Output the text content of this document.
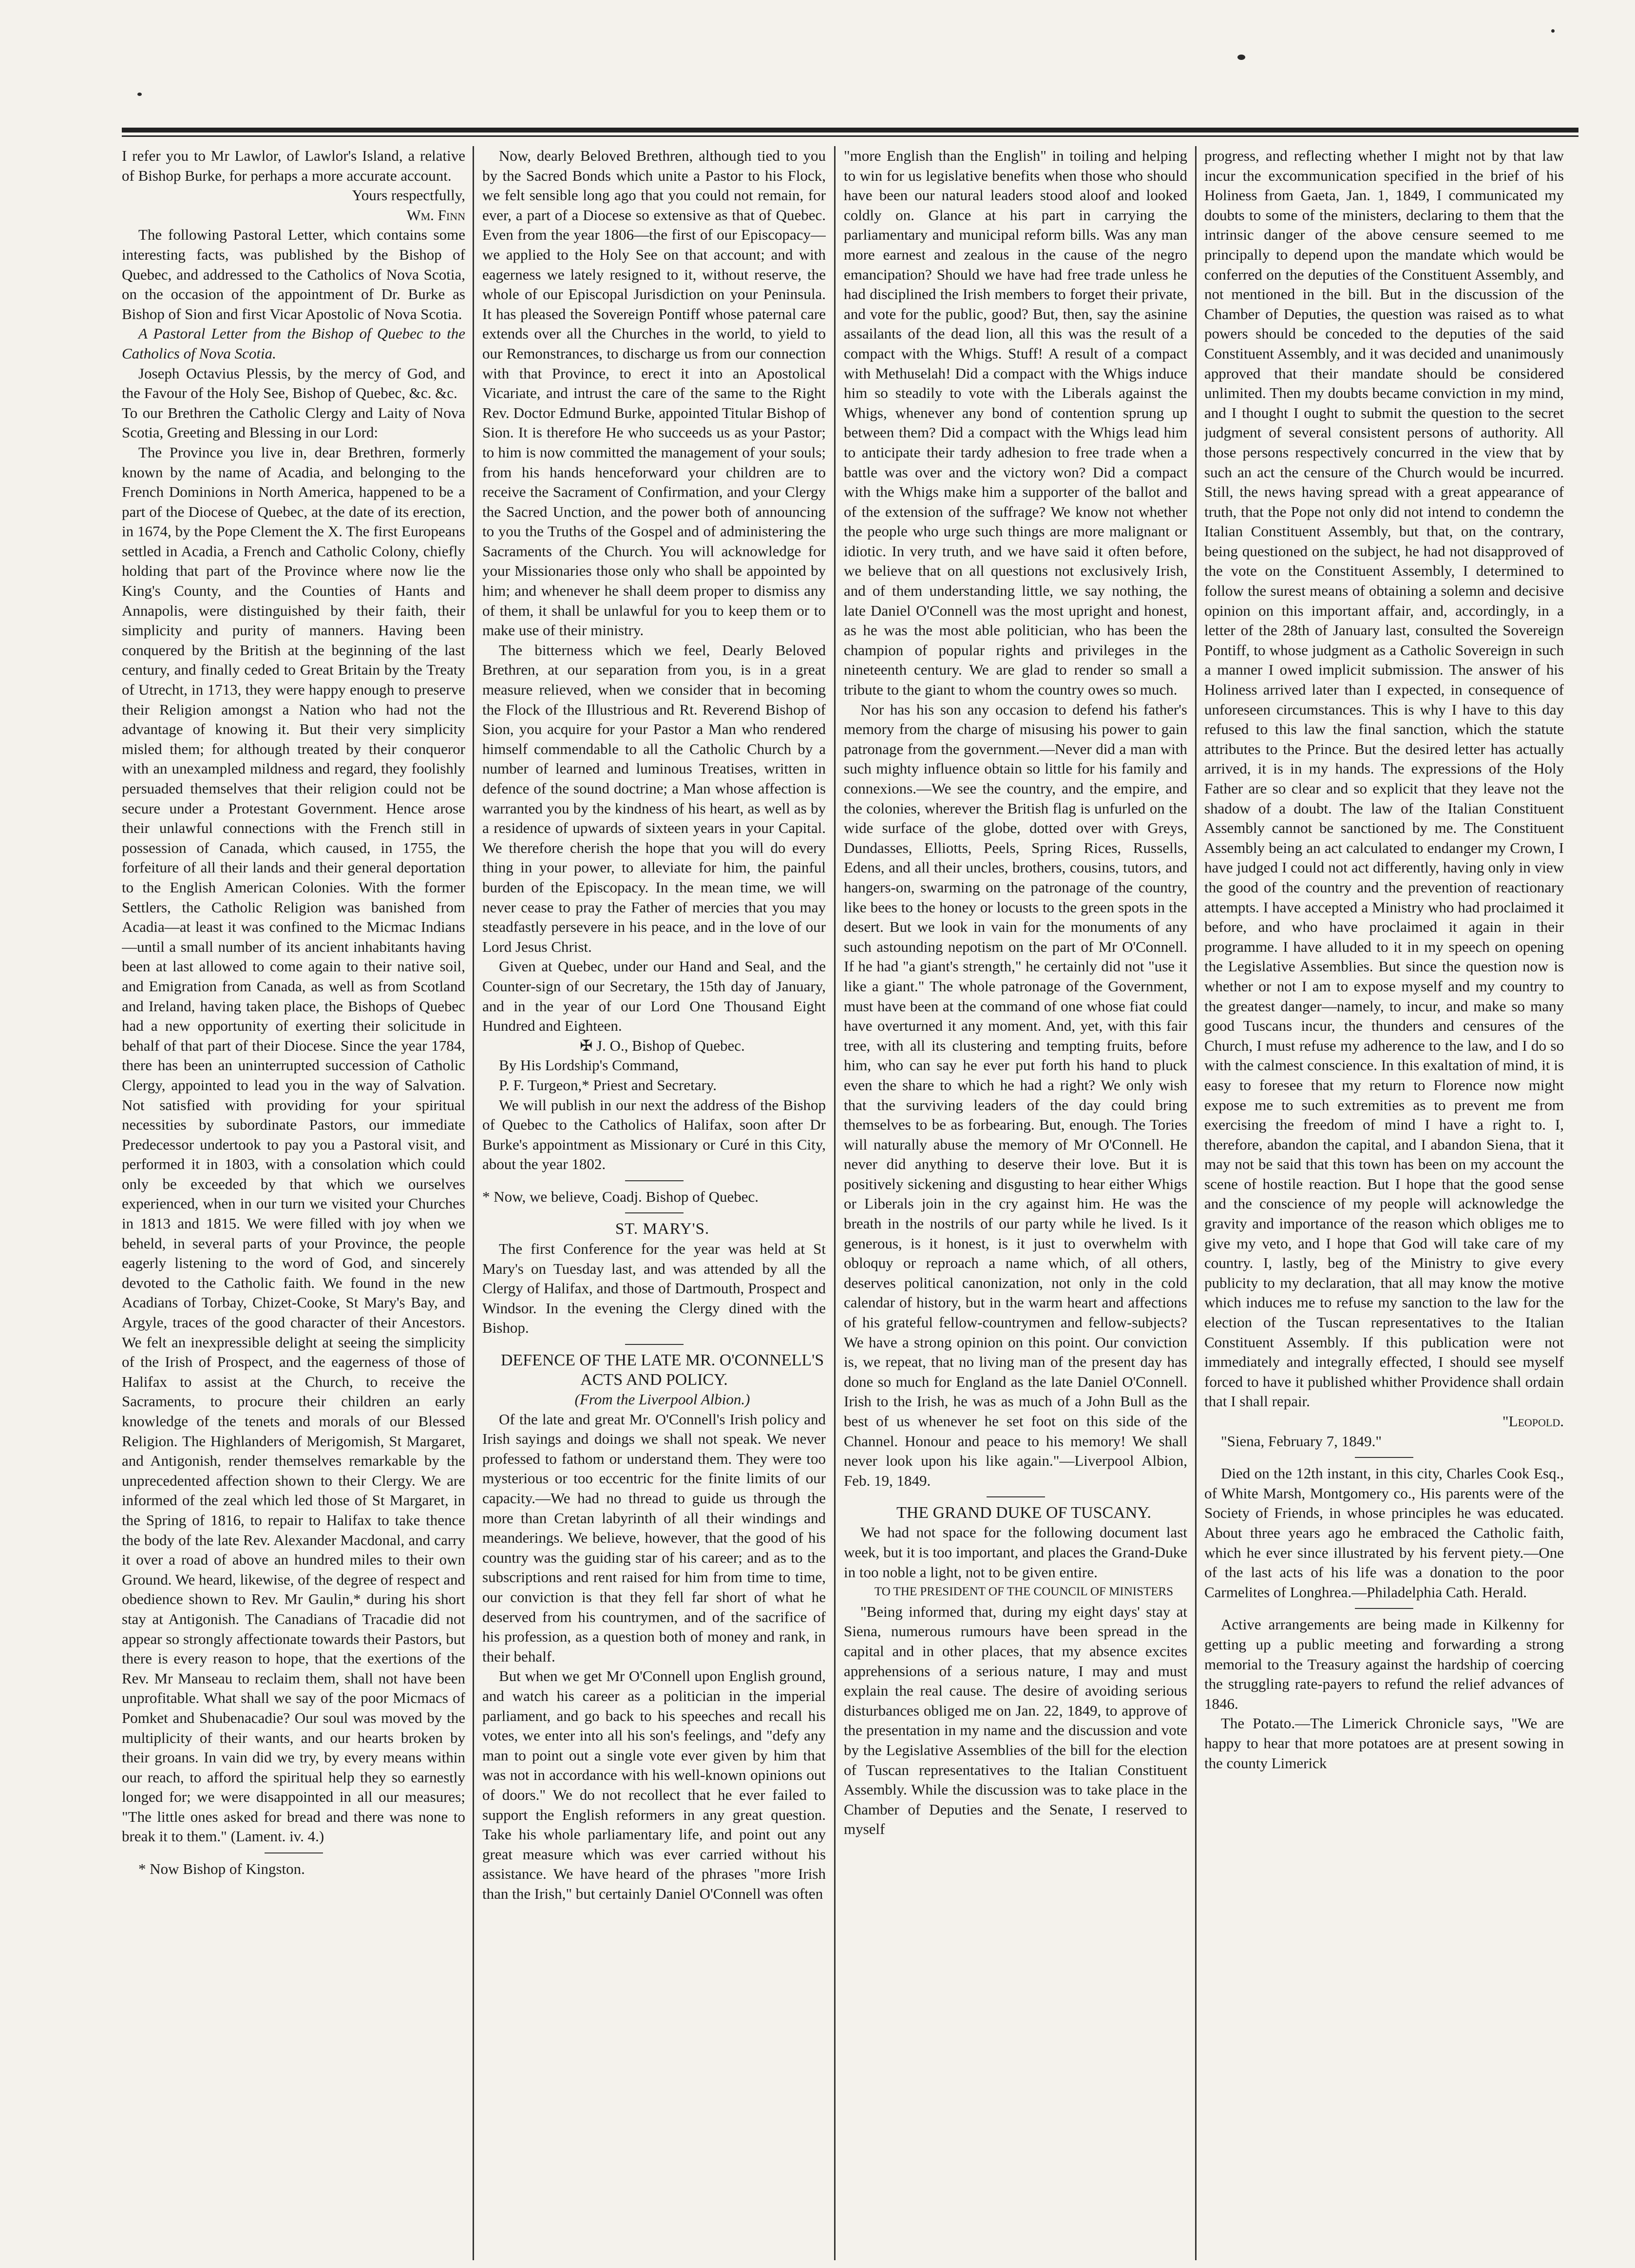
I refer you to Mr Lawlor, of Lawlor's Island, a relative of Bishop Burke, for perhaps a more accurate account.

Yours respectfully,

Wm. Finn

The following Pastoral Letter, which contains some interesting facts, was published by the Bishop of Quebec, and addressed to the Catholics of Nova Scotia, on the occasion of the appointment of Dr. Burke as Bishop of Sion and first Vicar Apostolic of Nova Scotia.

A Pastoral Letter from the Bishop of Quebec to the Catholics of Nova Scotia.

Joseph Octavius Plessis, by the mercy of God, and the Favour of the Holy See, Bishop of Quebec, &c. &c.

To our Brethren the Catholic Clergy and Laity of Nova Scotia, Greeting and Blessing in our Lord:

The Province you live in, dear Brethren, formerly known by the name of Acadia, and belonging to the French Dominions in North America, happened to be a part of the Diocese of Quebec, at the date of its erection, in 1674, by the Pope Clement the X. The first Europeans settled in Acadia, a French and Catholic Colony, chiefly holding that part of the Province where now lie the King's County, and the Counties of Hants and Annapolis, were distinguished by their faith, their simplicity and purity of manners. Having been conquered by the British at the beginning of the last century, and finally ceded to Great Britain by the Treaty of Utrecht, in 1713, they were happy enough to preserve their Religion amongst a Nation who had not the advantage of knowing it. But their very simplicity misled them; for although treated by their conqueror with an unexampled mildness and regard, they foolishly persuaded themselves that their religion could not be secure under a Protestant Government. Hence arose their unlawful connections with the French still in possession of Canada, which caused, in 1755, the forfeiture of all their lands and their general deportation to the English American Colonies. With the former Settlers, the Catholic Religion was banished from Acadia—at least it was confined to the Micmac Indians—until a small number of its ancient inhabitants having been at last allowed to come again to their native soil, and Emigration from Canada, as well as from Scotland and Ireland, having taken place, the Bishops of Quebec had a new opportunity of exerting their solicitude in behalf of that part of their Diocese. Since the year 1784, there has been an uninterrupted succession of Catholic Clergy, appointed to lead you in the way of Salvation. Not satisfied with providing for your spiritual necessities by subordinate Pastors, our immediate Predecessor undertook to pay you a Pastoral visit, and performed it in 1803, with a consolation which could only be exceeded by that which we ourselves experienced, when in our turn we visited your Churches in 1813 and 1815. We were filled with joy when we beheld, in several parts of your Province, the people eagerly listening to the word of God, and sincerely devoted to the Catholic faith. We found in the new Acadians of Torbay, Chizet-Cooke, St Mary's Bay, and Argyle, traces of the good character of their Ancestors. We felt an inexpressible delight at seeing the simplicity of the Irish of Prospect, and the eagerness of those of Halifax to assist at the Church, to receive the Sacraments, to procure their children an early knowledge of the tenets and morals of our Blessed Religion. The Highlanders of Merigomish, St Margaret, and Antigonish, render themselves remarkable by the unprecedented affection shown to their Clergy. We are informed of the zeal which led those of St Margaret, in the Spring of 1816, to repair to Halifax to take thence the body of the late Rev. Alexander Macdonal, and carry it over a road of above an hundred miles to their own Ground. We heard, likewise, of the degree of respect and obedience shown to Rev. Mr Gaulin,* during his short stay at Antigonish. The Canadians of Tracadie did not appear so strongly affectionate towards their Pastors, but there is every reason to hope, that the exertions of the Rev. Mr Manseau to reclaim them, shall not have been unprofitable. What shall we say of the poor Micmacs of Pomket and Shubenacadie? Our soul was moved by the multiplicity of their wants, and our hearts broken by their groans. In vain did we try, by every means within our reach, to afford the spiritual help they so earnestly longed for; we were disappointed in all our measures; "The little ones asked for bread and there was none to break it to them." (Lament. iv. 4.)

* Now Bishop of Kingston.

Now, dearly Beloved Brethren, although tied to you by the Sacred Bonds which unite a Pastor to his Flock, we felt sensible long ago that you could not remain, for ever, a part of a Diocese so extensive as that of Quebec. Even from the year 1806—the first of our Episcopacy—we applied to the Holy See on that account; and with eagerness we lately resigned to it, without reserve, the whole of our Episcopal Jurisdiction on your Peninsula. It has pleased the Sovereign Pontiff whose paternal care extends over all the Churches in the world, to yield to our Remonstrances, to discharge us from our connection with that Province, to erect it into an Apostolical Vicariate, and intrust the care of the same to the Right Rev. Doctor Edmund Burke, appointed Titular Bishop of Sion. It is therefore He who succeeds us as your Pastor; to him is now committed the management of your souls; from his hands henceforward your children are to receive the Sacrament of Confirmation, and your Clergy the Sacred Unction, and the power both of announcing to you the Truths of the Gospel and of administering the Sacraments of the Church. You will acknowledge for your Missionaries those only who shall be appointed by him; and whenever he shall deem proper to dismiss any of them, it shall be unlawful for you to keep them or to make use of their ministry.

The bitterness which we feel, Dearly Beloved Brethren, at our separation from you, is in a great measure relieved, when we consider that in becoming the Flock of the Illustrious and Rt. Reverend Bishop of Sion, you acquire for your Pastor a Man who rendered himself commendable to all the Catholic Church by a number of learned and luminous Treatises, written in defence of the sound doctrine; a Man whose affection is warranted you by the kindness of his heart, as well as by a residence of upwards of sixteen years in your Capital. We therefore cherish the hope that you will do every thing in your power, to alleviate for him, the painful burden of the Episcopacy. In the mean time, we will never cease to pray the Father of mercies that you may steadfastly persevere in his peace, and in the love of our Lord Jesus Christ.

Given at Quebec, under our Hand and Seal, and the Counter-sign of our Secretary, the 15th day of January, and in the year of our Lord One Thousand Eight Hundred and Eighteen.

✠ J. O., Bishop of Quebec.

By His Lordship's Command,

P. F. Turgeon,* Priest and Secretary.

We will publish in our next the address of the Bishop of Quebec to the Catholics of Halifax, soon after Dr Burke's appointment as Missionary or Curé in this City, about the year 1802.

* Now, we believe, Coadj. Bishop of Quebec.

ST. MARY'S.

The first Conference for the year was held at St Mary's on Tuesday last, and was attended by all the Clergy of Halifax, and those of Dartmouth, Prospect and Windsor. In the evening the Clergy dined with the Bishop.

DEFENCE OF THE LATE MR. O'CONNELL'S ACTS AND POLICY.

(From the Liverpool Albion.)

Of the late and great Mr. O'Connell's Irish policy and Irish sayings and doings we shall not speak. We never professed to fathom or understand them. They were too mysterious or too eccentric for the finite limits of our capacity.—We had no thread to guide us through the more than Cretan labyrinth of all their windings and meanderings. We believe, however, that the good of his country was the guiding star of his career; and as to the subscriptions and rent raised for him from time to time, our conviction is that they fell far short of what he deserved from his countrymen, and of the sacrifice of his profession, as a question both of money and rank, in their behalf.

But when we get Mr O'Connell upon English ground, and watch his career as a politician in the imperial parliament, and go back to his speeches and recall his votes, we enter into all his son's feelings, and "defy any man to point out a single vote ever given by him that was not in accordance with his well-known opinions out of doors." We do not recollect that he ever failed to support the English reformers in any great question. Take his whole parliamentary life, and point out any great measure which was ever carried without his assistance. We have heard of the phrases "more Irish than the Irish," but certainly Daniel O'Connell was often

"more English than the English" in toiling and helping to win for us legislative benefits when those who should have been our natural leaders stood aloof and looked coldly on. Glance at his part in carrying the parliamentary and municipal reform bills. Was any man more earnest and zealous in the cause of the negro emancipation? Should we have had free trade unless he had disciplined the Irish members to forget their private, and vote for the public, good? But, then, say the asinine assailants of the dead lion, all this was the result of a compact with the Whigs. Stuff! A result of a compact with Methuselah! Did a compact with the Whigs induce him so steadily to vote with the Liberals against the Whigs, whenever any bond of contention sprung up between them? Did a compact with the Whigs lead him to anticipate their tardy adhesion to free trade when a battle was over and the victory won? Did a compact with the Whigs make him a supporter of the ballot and of the extension of the suffrage? We know not whether the people who urge such things are more malignant or idiotic. In very truth, and we have said it often before, we believe that on all questions not exclusively Irish, and of them understanding little, we say nothing, the late Daniel O'Connell was the most upright and honest, as he was the most able politician, who has been the champion of popular rights and privileges in the nineteenth century. We are glad to render so small a tribute to the giant to whom the country owes so much.

Nor has his son any occasion to defend his father's memory from the charge of misusing his power to gain patronage from the government.—Never did a man with such mighty influence obtain so little for his family and connexions.—We see the country, and the empire, and the colonies, wherever the British flag is unfurled on the wide surface of the globe, dotted over with Greys, Dundasses, Elliotts, Peels, Spring Rices, Russells, Edens, and all their uncles, brothers, cousins, tutors, and hangers-on, swarming on the patronage of the country, like bees to the honey or locusts to the green spots in the desert. But we look in vain for the monuments of any such astounding nepotism on the part of Mr O'Connell. If he had "a giant's strength," he certainly did not "use it like a giant." The whole patronage of the Government, must have been at the command of one whose fiat could have overturned it any moment. And, yet, with this fair tree, with all its clustering and tempting fruits, before him, who can say he ever put forth his hand to pluck even the share to which he had a right? We only wish that the surviving leaders of the day could bring themselves to be as forbearing. But, enough. The Tories will naturally abuse the memory of Mr O'Connell. He never did anything to deserve their love. But it is positively sickening and disgusting to hear either Whigs or Liberals join in the cry against him. He was the breath in the nostrils of our party while he lived. Is it generous, is it honest, is it just to overwhelm with obloquy or reproach a name which, of all others, deserves political canonization, not only in the cold calendar of history, but in the warm heart and affections of his grateful fellow-countrymen and fellow-subjects? We have a strong opinion on this point. Our conviction is, we repeat, that no living man of the present day has done so much for England as the late Daniel O'Connell. Irish to the Irish, he was as much of a John Bull as the best of us whenever he set foot on this side of the Channel. Honour and peace to his memory! We shall never look upon his like again."—Liverpool Albion, Feb. 19, 1849.

THE GRAND DUKE OF TUSCANY.

We had not space for the following document last week, but it is too important, and places the Grand-Duke in too noble a light, not to be given entire.

TO THE PRESIDENT OF THE COUNCIL OF MINISTERS

"Being informed that, during my eight days' stay at Siena, numerous rumours have been spread in the capital and in other places, that my absence excites apprehensions of a serious nature, I may and must explain the real cause. The desire of avoiding serious disturbances obliged me on Jan. 22, 1849, to approve of the presentation in my name and the discussion and vote by the Legislative Assemblies of the bill for the election of Tuscan representatives to the Italian Constituent Assembly. While the discussion was to take place in the Chamber of Deputies and the Senate, I reserved to myself

progress, and reflecting whether I might not by that law incur the excommunication specified in the brief of his Holiness from Gaeta, Jan. 1, 1849, I communicated my doubts to some of the ministers, declaring to them that the intrinsic danger of the above censure seemed to me principally to depend upon the mandate which would be conferred on the deputies of the Constituent Assembly, and not mentioned in the bill. But in the discussion of the Chamber of Deputies, the question was raised as to what powers should be conceded to the deputies of the said Constituent Assembly, and it was decided and unanimously approved that their mandate should be considered unlimited. Then my doubts became conviction in my mind, and I thought I ought to submit the question to the secret judgment of several consistent persons of authority. All those persons respectively concurred in the view that by such an act the censure of the Church would be incurred. Still, the news having spread with a great appearance of truth, that the Pope not only did not intend to condemn the Italian Constituent Assembly, but that, on the contrary, being questioned on the subject, he had not disapproved of the vote on the Constituent Assembly, I determined to follow the surest means of obtaining a solemn and decisive opinion on this important affair, and, accordingly, in a letter of the 28th of January last, consulted the Sovereign Pontiff, to whose judgment as a Catholic Sovereign in such a manner I owed implicit submission. The answer of his Holiness arrived later than I expected, in consequence of unforeseen circumstances. This is why I have to this day refused to this law the final sanction, which the statute attributes to the Prince. But the desired letter has actually arrived, it is in my hands. The expressions of the Holy Father are so clear and so explicit that they leave not the shadow of a doubt. The law of the Italian Constituent Assembly cannot be sanctioned by me. The Constituent Assembly being an act calculated to endanger my Crown, I have judged I could not act differently, having only in view the good of the country and the prevention of reactionary attempts. I have accepted a Ministry who had proclaimed it before, and who have proclaimed it again in their programme. I have alluded to it in my speech on opening the Legislative Assemblies. But since the question now is whether or not I am to expose myself and my country to the greatest danger—namely, to incur, and make so many good Tuscans incur, the thunders and censures of the Church, I must refuse my adherence to the law, and I do so with the calmest conscience. In this exaltation of mind, it is easy to foresee that my return to Florence now might expose me to such extremities as to prevent me from exercising the freedom of mind I have a right to. I, therefore, abandon the capital, and I abandon Siena, that it may not be said that this town has been on my account the scene of hostile reaction. But I hope that the good sense and the conscience of my people will acknowledge the gravity and importance of the reason which obliges me to give my veto, and I hope that God will take care of my country. I, lastly, beg of the Ministry to give every publicity to my declaration, that all may know the motive which induces me to refuse my sanction to the law for the election of the Tuscan representatives to the Italian Constituent Assembly. If this publication were not immediately and integrally effected, I should see myself forced to have it published whither Providence shall ordain that I shall repair.

"Leopold.

"Siena, February 7, 1849."

Died on the 12th instant, in this city, Charles Cook Esq., of White Marsh, Montgomery co., His parents were of the Society of Friends, in whose principles he was educated. About three years ago he embraced the Catholic faith, which he ever since illustrated by his fervent piety.—One of the last acts of his life was a donation to the poor Carmelites of Longhrea.—Philadelphia Cath. Herald.

Active arrangements are being made in Kilkenny for getting up a public meeting and forwarding a strong memorial to the Treasury against the hardship of coercing the struggling rate-payers to refund the relief advances of 1846.

The Potato.—The Limerick Chronicle says, "We are happy to hear that more potatoes are at present sowing in the county Limerick
